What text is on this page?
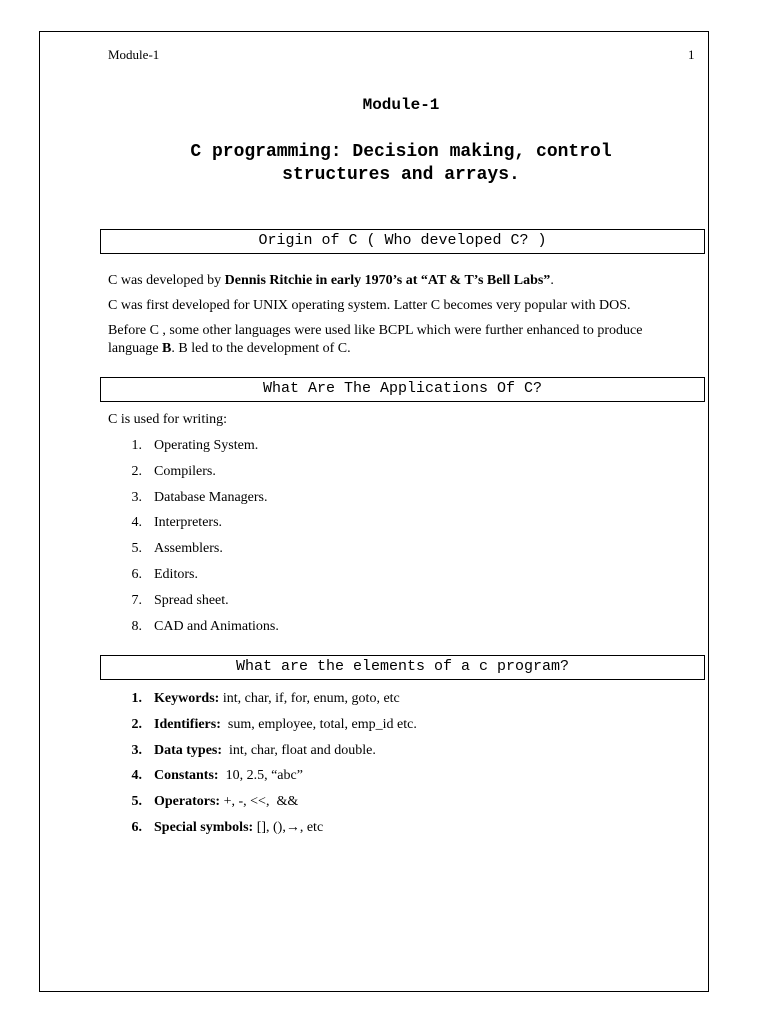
Module-1	1
Module-1
C programming: Decision making, control
structures and arrays.
Origin of C ( Who developed C? )
C was developed by Dennis Ritchie in early 1970’s at “AT & T’s Bell Labs”.
C was first developed for UNIX operating system. Latter C becomes very popular with DOS.
Before C , some other languages were used like BCPL which were further enhanced to produce
language B. B led to the development of C.
What Are The Applications Of C?
C is used for writing:
1. Operating System.
2. Compilers.
3. Database Managers.
4. Interpreters.
5. Assemblers.
6. Editors.
7. Spread sheet.
8. CAD and Animations.
What are the elements of a c program?
1. Keywords: int, char, if, for, enum, goto, etc
2. Identifiers:  sum, employee, total, emp_id etc.
3. Data types:  int, char, float and double.
4. Constants:  10, 2.5, “abc”
5. Operators: +, -, <<,  &&
6. Special symbols: [], (),→, etc
